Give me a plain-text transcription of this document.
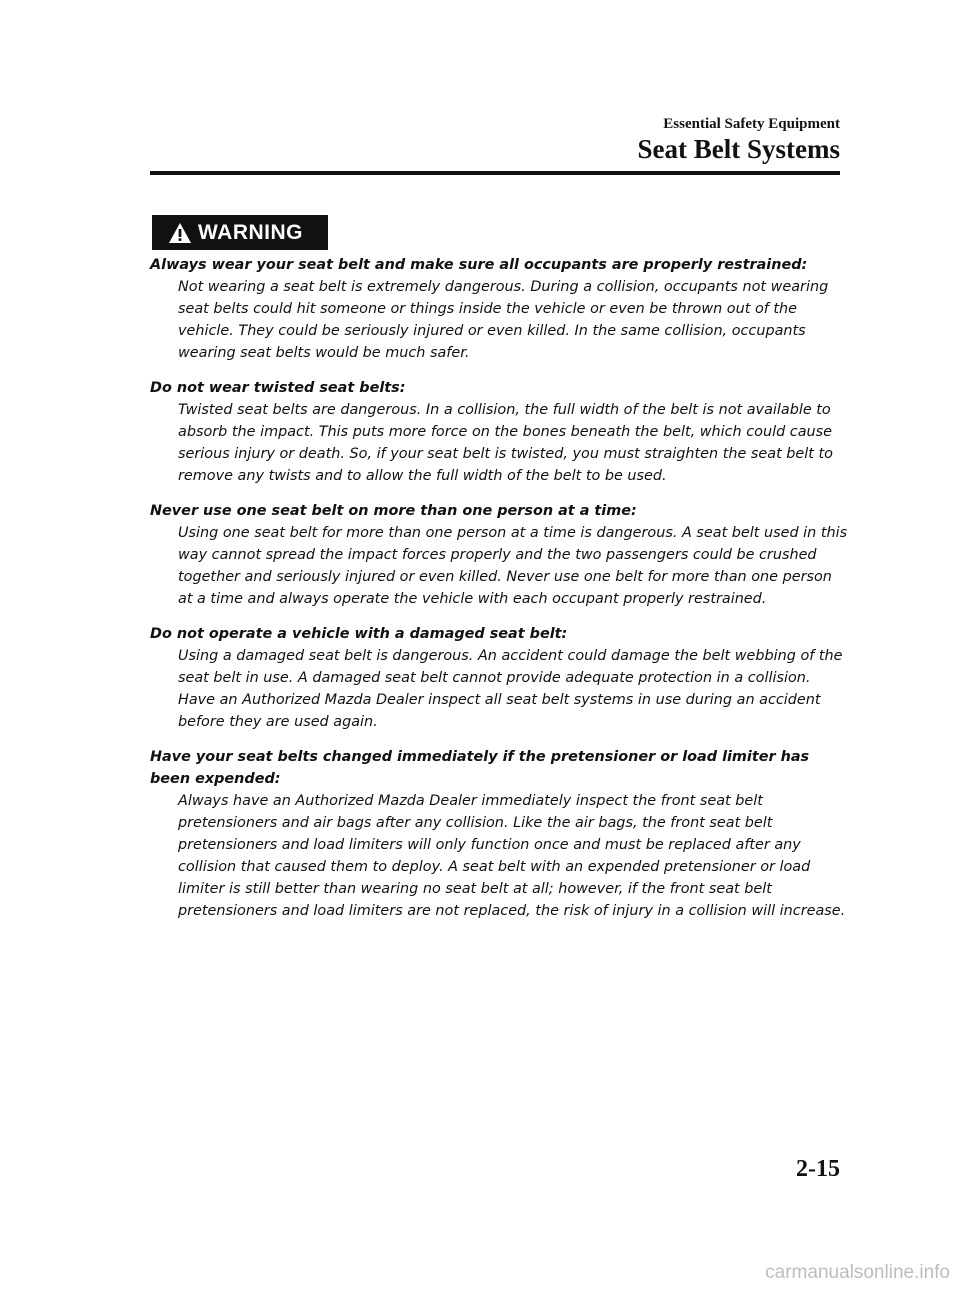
Essential Safety Equipment
Seat Belt Systems
WARNING
Always wear your seat belt and make sure all occupants are properly restrained:
Not wearing a seat belt is extremely dangerous. During a collision, occupants not wearing seat belts could hit someone or things inside the vehicle or even be thrown out of the vehicle. They could be seriously injured or even killed. In the same collision, occupants wearing seat belts would be much safer.
Do not wear twisted seat belts:
Twisted seat belts are dangerous. In a collision, the full width of the belt is not available to absorb the impact. This puts more force on the bones beneath the belt, which could cause serious injury or death. So, if your seat belt is twisted, you must straighten the seat belt to remove any twists and to allow the full width of the belt to be used.
Never use one seat belt on more than one person at a time:
Using one seat belt for more than one person at a time is dangerous. A seat belt used in this way cannot spread the impact forces properly and the two passengers could be crushed together and seriously injured or even killed. Never use one belt for more than one person at a time and always operate the vehicle with each occupant properly restrained.
Do not operate a vehicle with a damaged seat belt:
Using a damaged seat belt is dangerous. An accident could damage the belt webbing of the seat belt in use. A damaged seat belt cannot provide adequate protection in a collision. Have an Authorized Mazda Dealer inspect all seat belt systems in use during an accident before they are used again.
Have your seat belts changed immediately if the pretensioner or load limiter has been expended:
Always have an Authorized Mazda Dealer immediately inspect the front seat belt pretensioners and air bags after any collision. Like the air bags, the front seat belt pretensioners and load limiters will only function once and must be replaced after any collision that caused them to deploy. A seat belt with an expended pretensioner or load limiter is still better than wearing no seat belt at all; however, if the front seat belt pretensioners and load limiters are not replaced, the risk of injury in a collision will increase.
2-15
carmanualsonline.info
